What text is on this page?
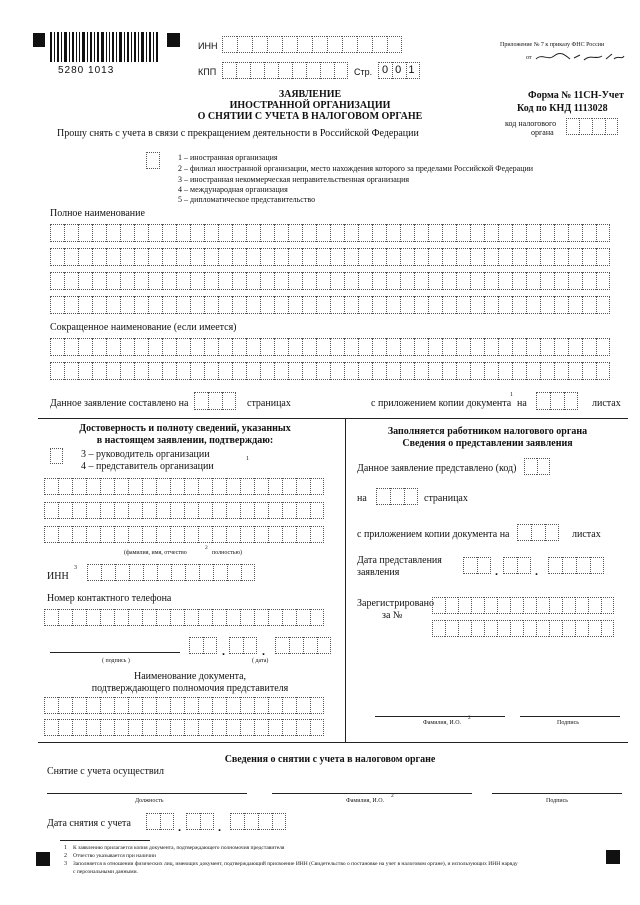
5280 1013
ИНН
КПП	Стр. 0 0 1
Приложение № 7 к приказу ФНС России
от
Форма № 11СН-Учет
Код по КНД 1113028
код налогового
органа
ЗАЯВЛЕНИЕ
ИНОСТРАННОЙ ОРГАНИЗАЦИИ
О СНЯТИИ С УЧЕТА В НАЛОГОВОМ ОРГАНЕ
Прошу снять с учета в связи с прекращением деятельности в Российской Федерации
1 – иностранная организация
2 – филиал иностранной организации, место нахождения которого за пределами Российской Федерации
3 – иностранная некоммерческая неправительственная организация
4 – международная организация
5 – дипломатическое представительство
Полное наименование
Сокращенное наименование (если имеется)
Данное заявление составлено на	страницах	с приложением копии документа
1
на	листах
Достоверность и полноту сведений, указанных
в настоящем заявлении, подтверждаю:
3 – руководитель организации
4 – представитель организации
1
(фамилия, имя, отчество
2
полностью)
ИНН
3
Номер контактного телефона
.	.
( подпись )	( дата)
Наименование документа,
подтверждающего полномочия представителя
Заполняется работником налогового органа
Сведения о представлении заявления
Данное заявление представлено (код)
на	страницах
с приложением копии документа на	листах
Дата представления
заявления	.	.
Зарегистрировано
за №
Фамилия, И.О.
2
Подпись
Сведения о снятии с учета в налоговом органе
Снятие с учета осуществил
Должность	Фамилия, И.О.
2
Подпись
Дата снятия с учета	.	.
1 К заявлению прилагается копия документа, подтверждающего полномочия представителя
2 Отчество указывается при наличии
3 Заполняется в отношении физических лиц, имеющих документ, подтверждающий присвоение ИНН (Свидетельство о постановке на учет в налоговом органе), и использующих ИНН наряду
с персональными данными.
